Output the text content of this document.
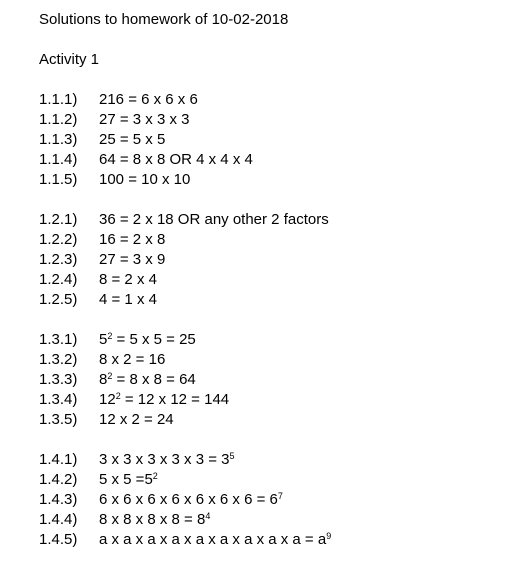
Solutions to homework of 10-02-2018
Activity 1
1.1.1) 216 = 6 x 6 x 6
1.1.2) 27 = 3 x 3 x 3
1.1.3) 25 = 5 x 5
1.1.4) 64 = 8 x 8 OR 4 x 4 x 4
1.1.5) 100 = 10 x 10
1.2.1) 36 = 2 x 18 OR any other 2 factors
1.2.2) 16 = 2 x 8
1.2.3) 27 = 3 x 9
1.2.4) 8 = 2 x 4
1.2.5) 4 = 1 x 4
1.3.1) $5^2 = 5$ x 5 = 25
1.3.2) 8 x 2 = 16
1.3.3) $8^2 = 8$ x 8 = 64
1.3.4) $12^2 = 12$ x 12 = 144
1.3.5) 12 x 2 = 24
1.4.1) 3 x 3 x 3 x 3 x $3 = 3^5$
1.4.2) 5 x $5 =5^2$
1.4.3) 6 x 6 x 6 x 6 x 6 x 6 x $6 = 6^7$
1.4.4) 8 x 8 x 8 x $8 = 8^4$
1.4.5) a x a x a x a x a x a x a x a x $a = a^9$
